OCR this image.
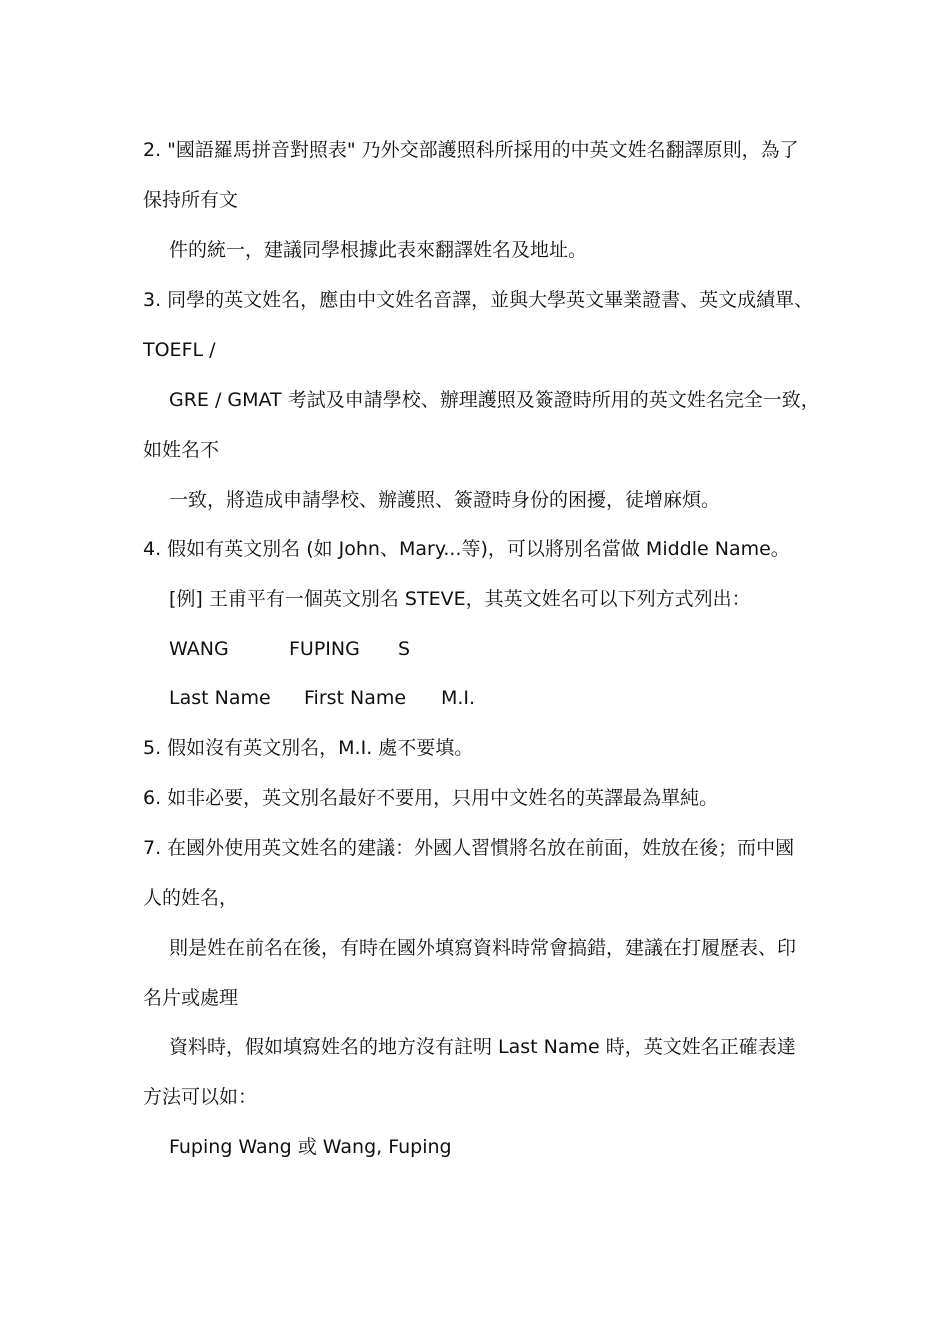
2. "國語羅馬拼音對照表" 乃外交部護照科所採用的中英文姓名翻譯原則，為了
保持所有文
件的統一，建議同學根據此表來翻譯姓名及地址。
3. 同學的英文姓名，應由中文姓名音譯，並與大學英文畢業證書、英文成績單、
TOEFL /
GRE / GMAT 考試及申請學校、辦理護照及簽證時所用的英文姓名完全一致，
如姓名不
一致，將造成申請學校、辦護照、簽證時身份的困擾，徒增麻煩。
4. 假如有英文別名 (如 John、Mary...等)，可以將別名當做 Middle Name。
[例] 王甫平有一個英文別名 STEVE，其英文姓名可以下列方式列出：
WANG	FUPING S
Last Name First Name M.I.
5. 假如沒有英文別名，M.I. 處不要填。
6. 如非必要，英文別名最好不要用，只用中文姓名的英譯最為單純。
7. 在國外使用英文姓名的建議：外國人習慣將名放在前面，姓放在後；而中國
人的姓名，
則是姓在前名在後，有時在國外填寫資料時常會搞錯，建議在打履歷表、印
名片或處理
資料時，假如填寫姓名的地方沒有註明 Last Name 時，英文姓名正確表達
方法可以如：
Fuping Wang 或 Wang, Fuping
